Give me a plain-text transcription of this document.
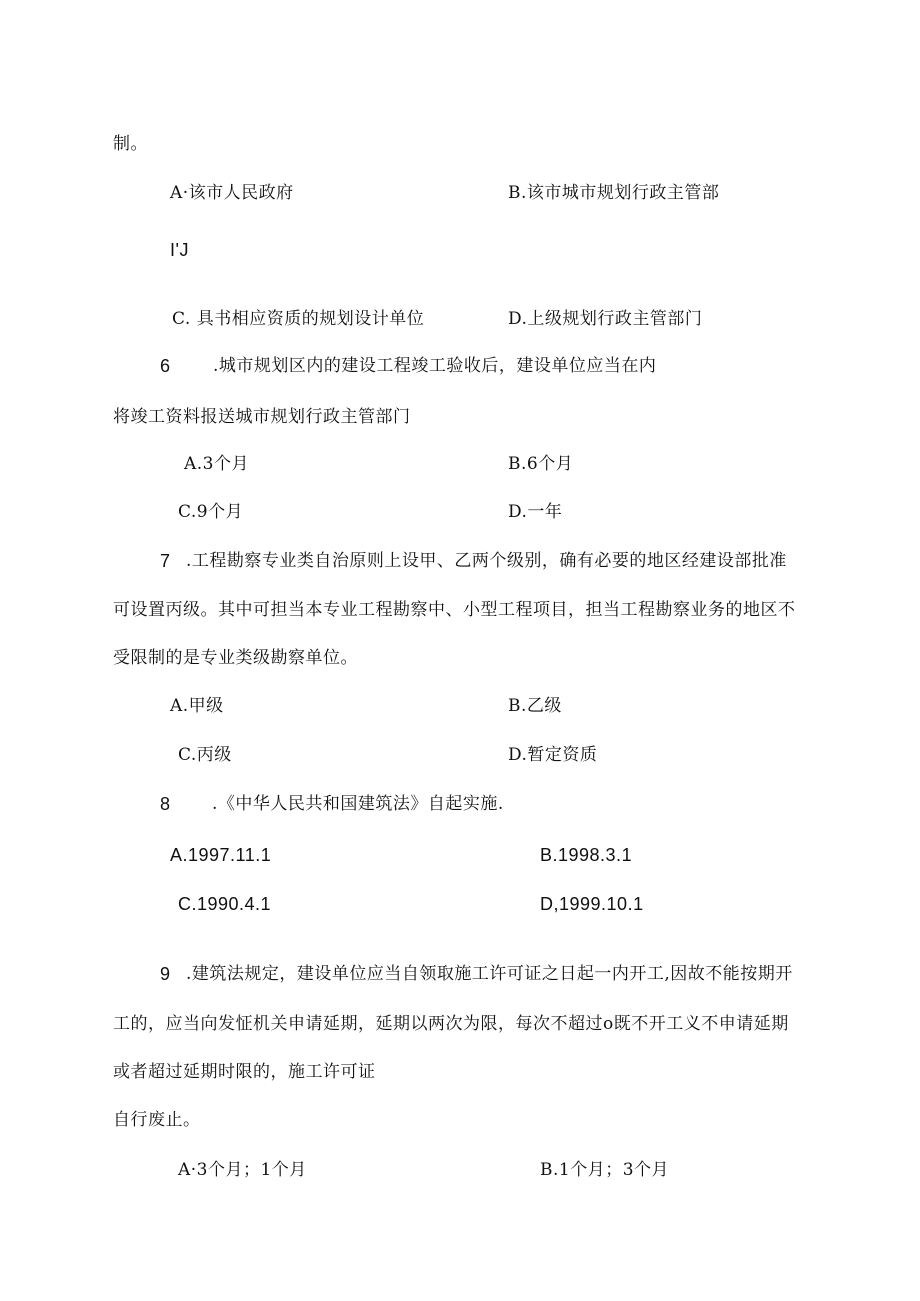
制。
A·该市人民政府	B.该市城市规划行政主管部
I'J
C. 具书相应资质的规划设计单位	D.上级规划行政主管部门
6 .城市规划区内的建设工程竣工验收后，建设单位应当在内
将竣工资料报送城市规划行政主管部门
A.3个月	B.6个月
C.9个月	D.一年
7 .工程勘察专业类自治原则上设甲、乙两个级别，确有必要的地区经建设部批准
可设置丙级。其中可担当本专业工程勘察中、小型工程项目，担当工程勘察业务的地区不
受限制的是专业类级勘察单位。
A.甲级	B.乙级
C.丙级	D.暂定资质
8 .《中华人民共和国建筑法》自起实施.
A.1997.11.1	B.1998.3.1
C.1990.4.1	D,1999.10.1
9 .建筑法规定，建设单位应当自领取施工许可证之日起一内开工,因故不能按期开
工的，应当向发怔机关申请延期，延期以两次为限，每次不超过o既不开工义不申请延期
或者超过延期时限的，施工许可证
自行废止。
A·3个月；1个月	B.1个月；3个月
